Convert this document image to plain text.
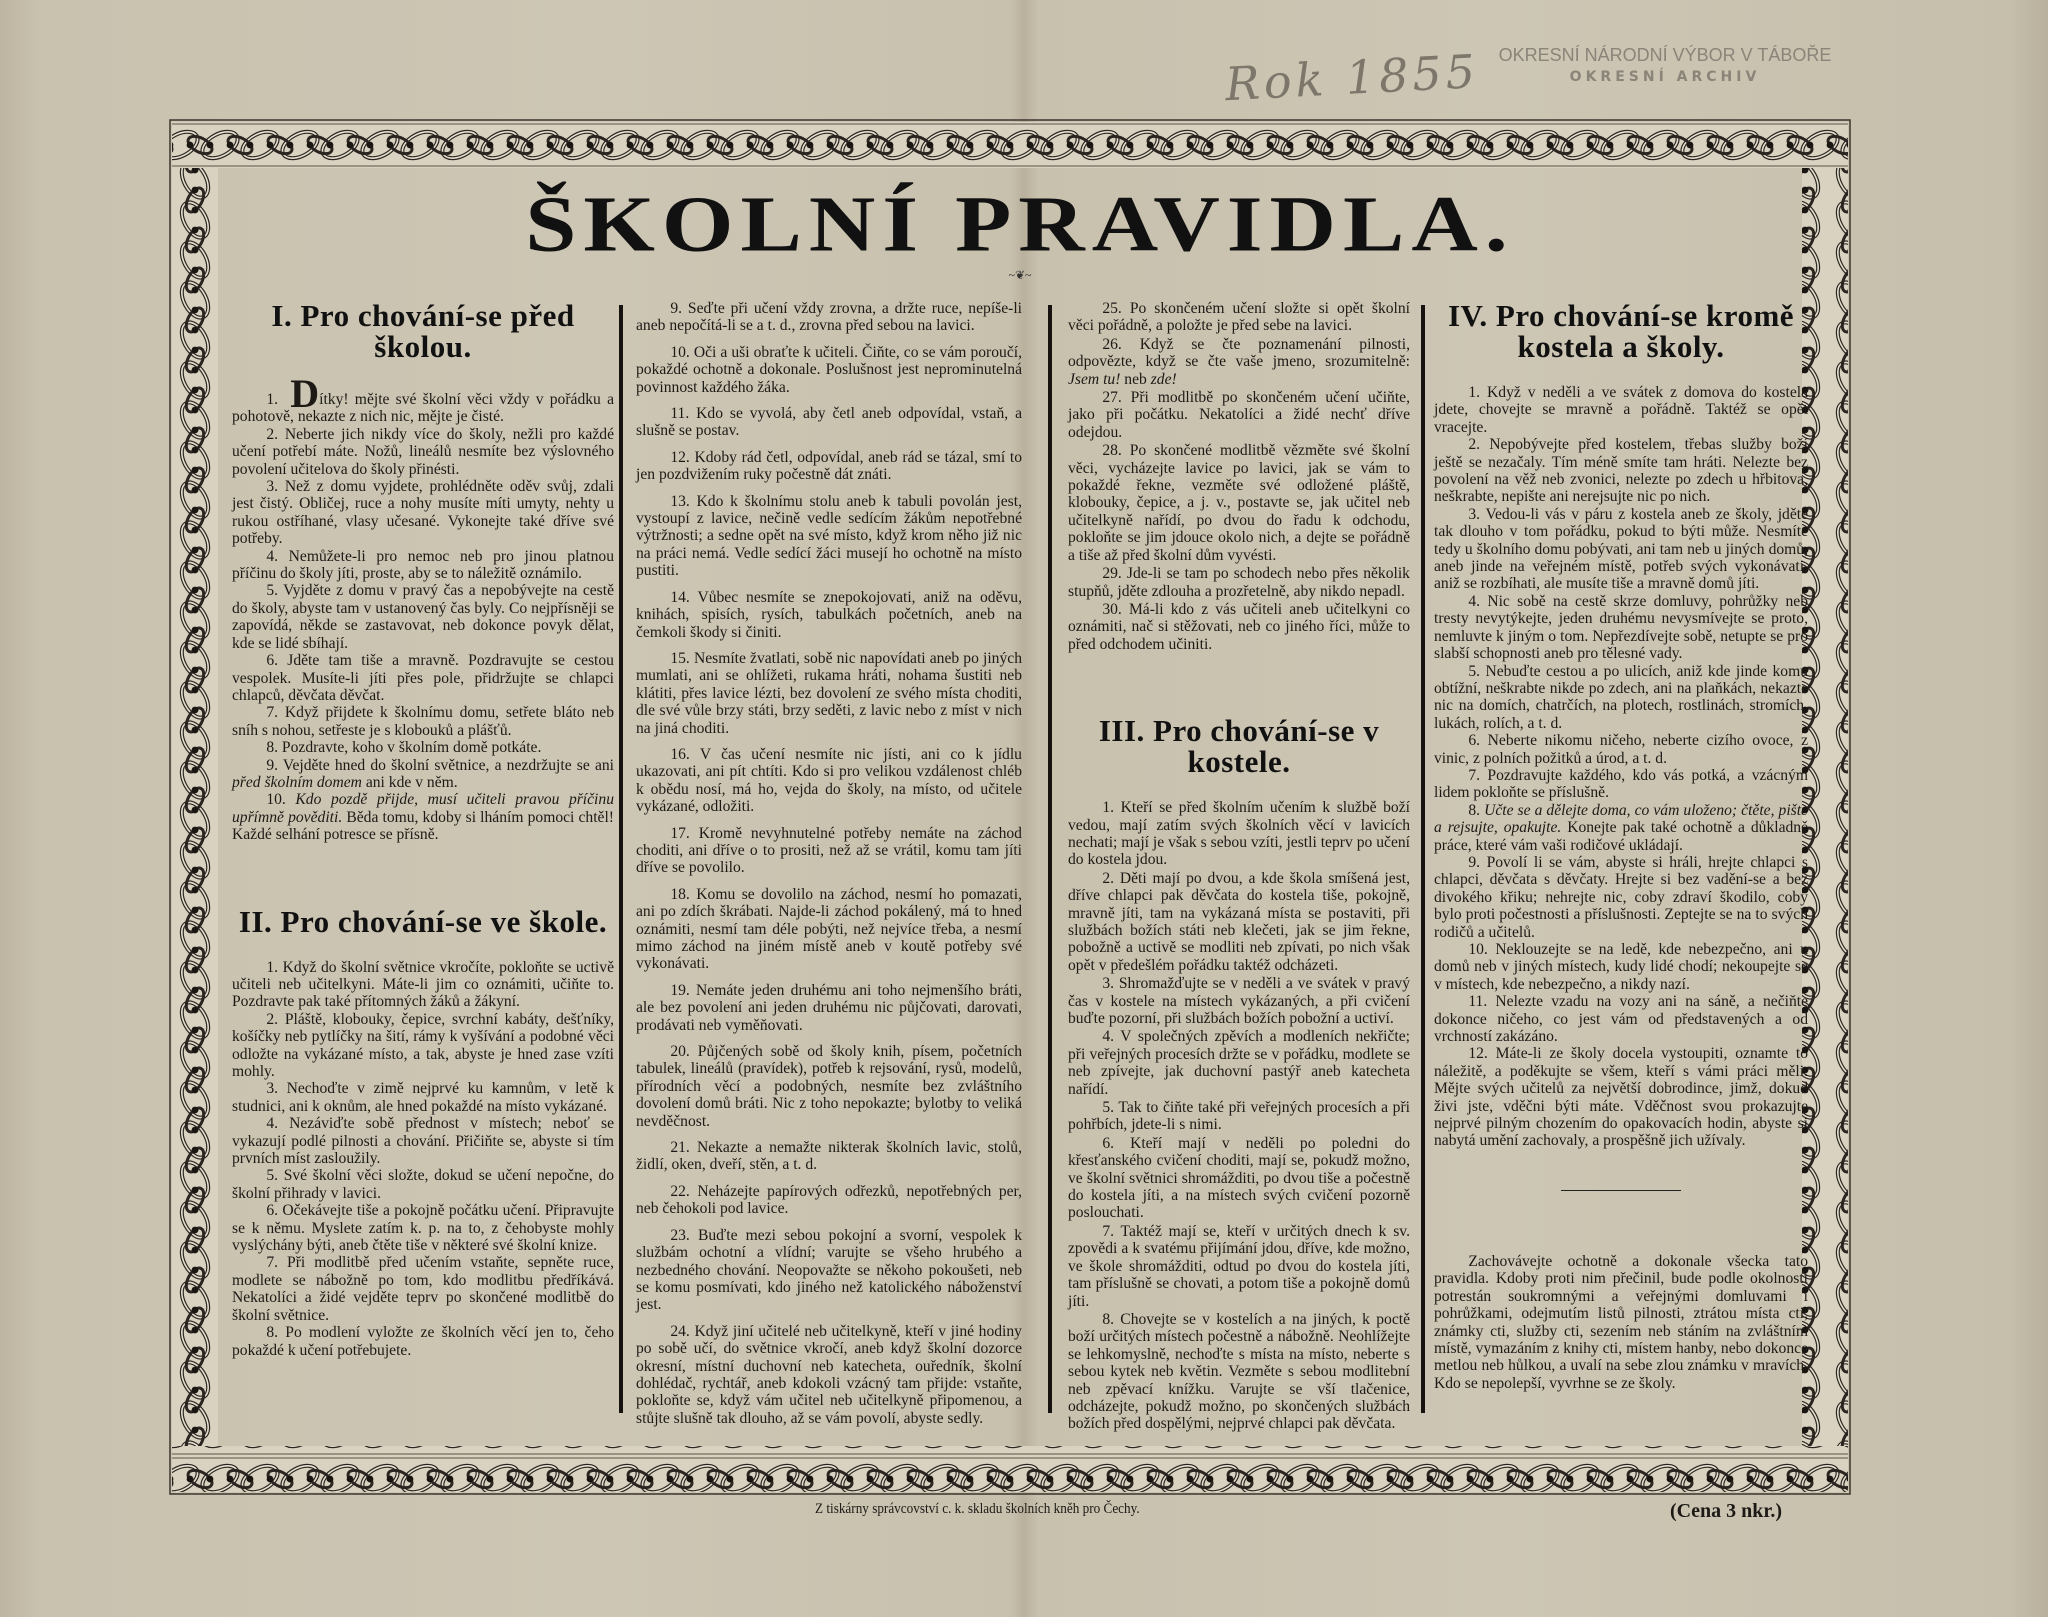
Rok 1855	OKRESNÍ NÁRODNÍ VÝBOR V TÁBOŘE
OKRESNÍ ARCHIV
ŠKOLNÍ PRAVIDLA.
~❦~
I. Pro chování-se před školou.

1. Dítky! mějte své školní věci vždy v pořádku a pohotově, nekazte z nich nic, mějte je čisté.

2. Neberte jich nikdy více do školy, nežli pro každé učení potřebí máte. Nožů, lineálů nesmíte bez výslovného povolení učitelova do školy přinésti.

3. Než z domu vyjdete, prohlédněte oděv svůj, zdali jest čistý. Obličej, ruce a nohy musíte míti umyty, nehty u rukou ostříhané, vlasy učesané. Vykonejte také dříve své potřeby.

4. Nemůžete-li pro nemoc neb pro jinou platnou příčinu do školy jíti, proste, aby se to náležitě oznámilo.

5. Vyjděte z domu v pravý čas a nepobývejte na cestě do školy, abyste tam v ustanovený čas byly. Co nejpřísněji se zapovídá, někde se zastavovat, neb dokonce povyk dělat, kde se lidé sbíhají.

6. Jděte tam tiše a mravně. Pozdravujte se cestou vespolek. Musíte-li jíti přes pole, přidržujte se chlapci chlapců, děvčata děvčat.

7. Když přijdete k školnímu domu, setřete bláto neb sníh s nohou, setřeste je s klobouků a plášťů.

8. Pozdravte, koho v školním domě potkáte.

9. Vejděte hned do školní světnice, a nezdržujte se ani před školním domem ani kde v něm.

10. Kdo pozdě přijde, musí učiteli pravou příčinu upřímně pověditi. Běda tomu, kdoby si lháním pomoci chtěl! Každé selhání potresce se přísně.

II. Pro chování-se ve škole.

1. Když do školní světnice vkročíte, pokloňte se uctivě učiteli neb učitelkyni. Máte-li jim co oznámiti, učiňte to. Pozdravte pak také přítomných žáků a žákyní.

2. Pláště, klobouky, čepice, svrchní kabáty, dešťníky, košíčky neb pytlíčky na šití, rámy k vyšívání a podobné věci odložte na vykázané místo, a tak, abyste je hned zase vzíti mohly.

3. Nechoďte v zimě nejprvé ku kamnům, v letě k studnici, ani k oknům, ale hned pokaždé na místo vykázané.

4. Nezáviďte sobě přednost v místech; neboť se vykazují podlé pilnosti a chování. Přičiňte se, abyste si tím prvních míst zasloužily.

5. Své školní věci složte, dokud se učení nepočne, do školní přihrady v lavici.

6. Očekávejte tiše a pokojně počátku učení. Připravujte se k němu. Myslete zatím k. p. na to, z čehobyste mohly vyslýchány býti, aneb čtěte tiše v některé své školní knize.

7. Při modlitbě před učením vstaňte, sepněte ruce, modlete se nábožně po tom, kdo modlitbu předříkává. Nekatolíci a židé vejděte teprv po skončené modlitbě do školní světnice.

8. Po modlení vyložte ze školních věcí jen to, čeho pokaždé k učení potřebujete.

9. Seďte při učení vždy zrovna, a držte ruce, nepíše-li aneb nepočítá-li se a t. d., zrovna před sebou na lavici.

10. Oči a uši obraťte k učiteli. Čiňte, co se vám poroučí, pokaždé ochotně a dokonale. Poslušnost jest neprominutelná povinnost každého žáka.

11. Kdo se vyvolá, aby četl aneb odpovídal, vstaň, a slušně se postav.

12. Kdoby rád četl, odpovídal, aneb rád se tázal, smí to jen pozdvižením ruky počestně dát znáti.

13. Kdo k školnímu stolu aneb k tabuli povolán jest, vystoupí z lavice, nečině vedle sedícím žákům nepotřebné výtržnosti; a sedne opět na své místo, když krom něho již nic na práci nemá. Vedle sedící žáci musejí ho ochotně na místo pustiti.

14. Vůbec nesmíte se znepokojovati, aniž na oděvu, knihách, spisích, rysích, tabulkách početních, aneb na čemkoli škody si činiti.

15. Nesmíte žvatlati, sobě nic napovídati aneb po jiných mumlati, ani se ohlížeti, rukama hráti, nohama šustiti neb klátiti, přes lavice lézti, bez dovolení ze svého místa choditi, dle své vůle brzy státi, brzy seděti, z lavic nebo z míst v nich na jiná choditi.

16. V čas učení nesmíte nic jísti, ani co k jídlu ukazovati, ani pít chtíti. Kdo si pro velikou vzdálenost chléb k obědu nosí, má ho, vejda do školy, na místo, od učitele vykázané, odložiti.

17. Kromě nevyhnutelné potřeby nemáte na záchod choditi, ani dříve o to prositi, než až se vrátil, komu tam jíti dříve se povolilo.

18. Komu se dovolilo na záchod, nesmí ho pomazati, ani po zdích škrábati. Najde-li záchod pokálený, má to hned oznámiti, nesmí tam déle pobýti, než nejvíce třeba, a nesmí mimo záchod na jiném místě aneb v koutě potřeby své vykonávati.

19. Nemáte jeden druhému ani toho nejmenšího bráti, ale bez povolení ani jeden druhému nic půjčovati, darovati, prodávati neb vyměňovati.

20. Půjčených sobě od školy knih, písem, početních tabulek, lineálů (pravídek), potřeb k rejsování, rysů, modelů, přírodních věcí a podobných, nesmíte bez zvláštního dovolení domů bráti. Nic z toho nepokazte; bylotby to veliká nevděčnost.

21. Nekazte a nemažte nikterak školních lavic, stolů, židlí, oken, dveří, stěn, a t. d.

22. Neházejte papírových odřezků, nepotřebných per, neb čehokoli pod lavice.

23. Buďte mezi sebou pokojní a svorní, vespolek k službám ochotní a vlídní; varujte se všeho hrubého a nezbedného chování. Neopovažte se někoho pokoušeti, neb se komu posmívati, kdo jiného než katolického náboženství jest.

24. Když jiní učitelé neb učitelkyně, kteří v jiné hodiny po sobě učí, do světnice vkročí, aneb když školní dozorce okresní, místní duchovní neb katecheta, ouředník, školní dohlédač, rychtář, aneb kdokoli vzácný tam přijde: vstaňte, pokloňte se, když vám učitel neb učitelkyně připomenou, a stůjte slušně tak dlouho, až se vám povolí, abyste sedly.

25. Po skončeném učení složte si opět školní věci pořádně, a položte je před sebe na lavici.

26. Když se čte poznamenání pilnosti, odpovězte, když se čte vaše jmeno, srozumitelně: Jsem tu! neb zde!

27. Při modlitbě po skončeném učení učiňte, jako při počátku. Nekatolíci a židé nechť dříve odejdou.

28. Po skončené modlitbě vězměte své školní věci, vycházejte lavice po lavici, jak se vám to pokaždé řekne, vezměte své odložené pláště, klobouky, čepice, a j. v., postavte se, jak učitel neb učitelkyně nařídí, po dvou do řadu k odchodu, pokloňte se jim jdouce okolo nich, a dejte se pořádně a tiše až před školní dům vyvésti.

29. Jde-li se tam po schodech nebo přes několik stupňů, jděte zdlouha a prozřetelně, aby nikdo nepadl.

30. Má-li kdo z vás učiteli aneb učitelkyni co oznámiti, nač si stěžovati, neb co jiného říci, může to před odchodem učiniti.

III. Pro chování-se v kostele.

1. Kteří se před školním učením k službě boží vedou, mají zatím svých školních věcí v lavicích nechati; mají je však s sebou vzíti, jestli teprv po učení do kostela jdou.

2. Děti mají po dvou, a kde škola smíšená jest, dříve chlapci pak děvčata do kostela tiše, pokojně, mravně jíti, tam na vykázaná místa se postaviti, při službách božích státi neb klečeti, jak se jim řekne, pobožně a uctivě se modliti neb zpívati, po nich však opět v předešlém pořádku taktéž odcházeti.

3. Shromažďujte se v neděli a ve svátek v pravý čas v kostele na místech vykázaných, a při cvičení buďte pozorní, při službách božích pobožní a uctiví.

4. V společných zpěvích a modleních nekřičte; při veřejných procesích držte se v pořádku, modlete se neb zpívejte, jak duchovní pastýř aneb katecheta nařídí.

5. Tak to čiňte také při veřejných procesích a při pohřbích, jdete-li s nimi.

6. Kteří mají v neděli po poledni do křesťanského cvičení choditi, mají se, pokudž možno, ve školní světnici shromážditi, po dvou tiše a počestně do kostela jíti, a na místech svých cvičení pozorně poslouchati.

7. Taktéž mají se, kteří v určitých dnech k sv. zpovědi a k svatému přijímání jdou, dříve, kde možno, ve škole shromážditi, odtud po dvou do kostela jíti, tam příslušně se chovati, a potom tiše a pokojně domů jíti.

8. Chovejte se v kostelích a na jiných, k poctě boží určitých místech počestně a nábožně. Neohlížejte se lehkomyslně, nechoďte s místa na místo, neberte s sebou kytek neb květin. Vezměte s sebou modlitební neb zpěvací knížku. Varujte se vší tlačenice, odcházejte, pokudž možno, po skončených službách božích před dospělými, nejprvé chlapci pak děvčata.

IV. Pro chování-se kromě kostela a školy.

1. Když v neděli a ve svátek z domova do kostela jdete, chovejte se mravně a pořádně. Taktéž se opět vracejte.

2. Nepobývejte před kostelem, třebas služby boží ještě se nezačaly. Tím méně smíte tam hráti. Nelezte bez povolení na věž neb zvonici, nelezte po zdech u hřbitova, neškrabte, nepište ani nerejsujte nic po nich.

3. Vedou-li vás v páru z kostela aneb ze školy, jděte tak dlouho v tom pořádku, pokud to býti může. Nesmíte tedy u školního domu pobývati, ani tam neb u jiných domů, aneb jinde na veřejném místě, potřeb svých vykonávati, aniž se rozbíhati, ale musíte tiše a mravně domů jíti.

4. Nic sobě na cestě skrze domluvy, pohrůžky neb tresty nevytýkejte, jeden druhému nevysmívejte se proto, nemluvte k jiným o tom. Nepřezdívejte sobě, netupte se pro slabší schopnosti aneb pro tělesné vady.

5. Nebuďte cestou a po ulicích, aniž kde jinde komu obtížní, neškrabte nikde po zdech, ani na plaňkách, nekazte nic na domích, chatrčích, na plotech, rostlinách, stromích, lukách, rolích, a t. d.

6. Neberte nikomu ničeho, neberte cizího ovoce, z vinic, z polních požitků a úrod, a t. d.

7. Pozdravujte každého, kdo vás potká, a vzácným lidem pokloňte se příslušně.

8. Učte se a dělejte doma, co vám uloženo; čtěte, pište a rejsujte, opakujte. Konejte pak také ochotně a důkladně práce, které vám vaši rodičové ukládají.

9. Povolí li se vám, abyste si hráli, hrejte chlapci s chlapci, děvčata s děvčaty. Hrejte si bez vadění-se a bez divokého křiku; nehrejte nic, coby zdraví škodilo, coby bylo proti počestnosti a příslušnosti. Zeptejte se na to svých rodičů a učitelů.

10. Neklouzejte se na ledě, kde nebezpečno, ani u domů neb v jiných místech, kudy lidé chodí; nekoupejte se v místech, kde nebezpečno, a nikdy nazí.

11. Nelezte vzadu na vozy ani na sáně, a nečiňte dokonce ničeho, co jest vám od představených a od vrchností zakázáno.

12. Máte-li ze školy docela vystoupiti, oznamte to náležitě, a poděkujte se všem, kteří s vámi práci měli. Mějte svých učitelů za největší dobrodince, jimž, dokud živi jste, vděčni býti máte. Vděčnost svou prokazujte nejprvé pilným chozením do opakovacích hodin, abyste si nabytá umění zachovaly, a prospěšně jich užívaly.

Zachovávejte ochotně a dokonale všecka tato pravidla. Kdoby proti nim přečinil, bude podle okolností potrestán soukromnými a veřejnými domluvami i pohrůžkami, odejmutím listů pilnosti, ztrátou místa cti, známky cti, služby cti, sezením neb stáním na zvláštním místě, vymazáním z knihy cti, místem hanby, nebo dokonce metlou neb hůlkou, a uvalí na sebe zlou známku v mravích. Kdo se nepolepší, vyvrhne se ze školy.

Z tiskárny správcovství c. k. skladu školních kněh pro Čechy.	(Cena 3 nkr.)
